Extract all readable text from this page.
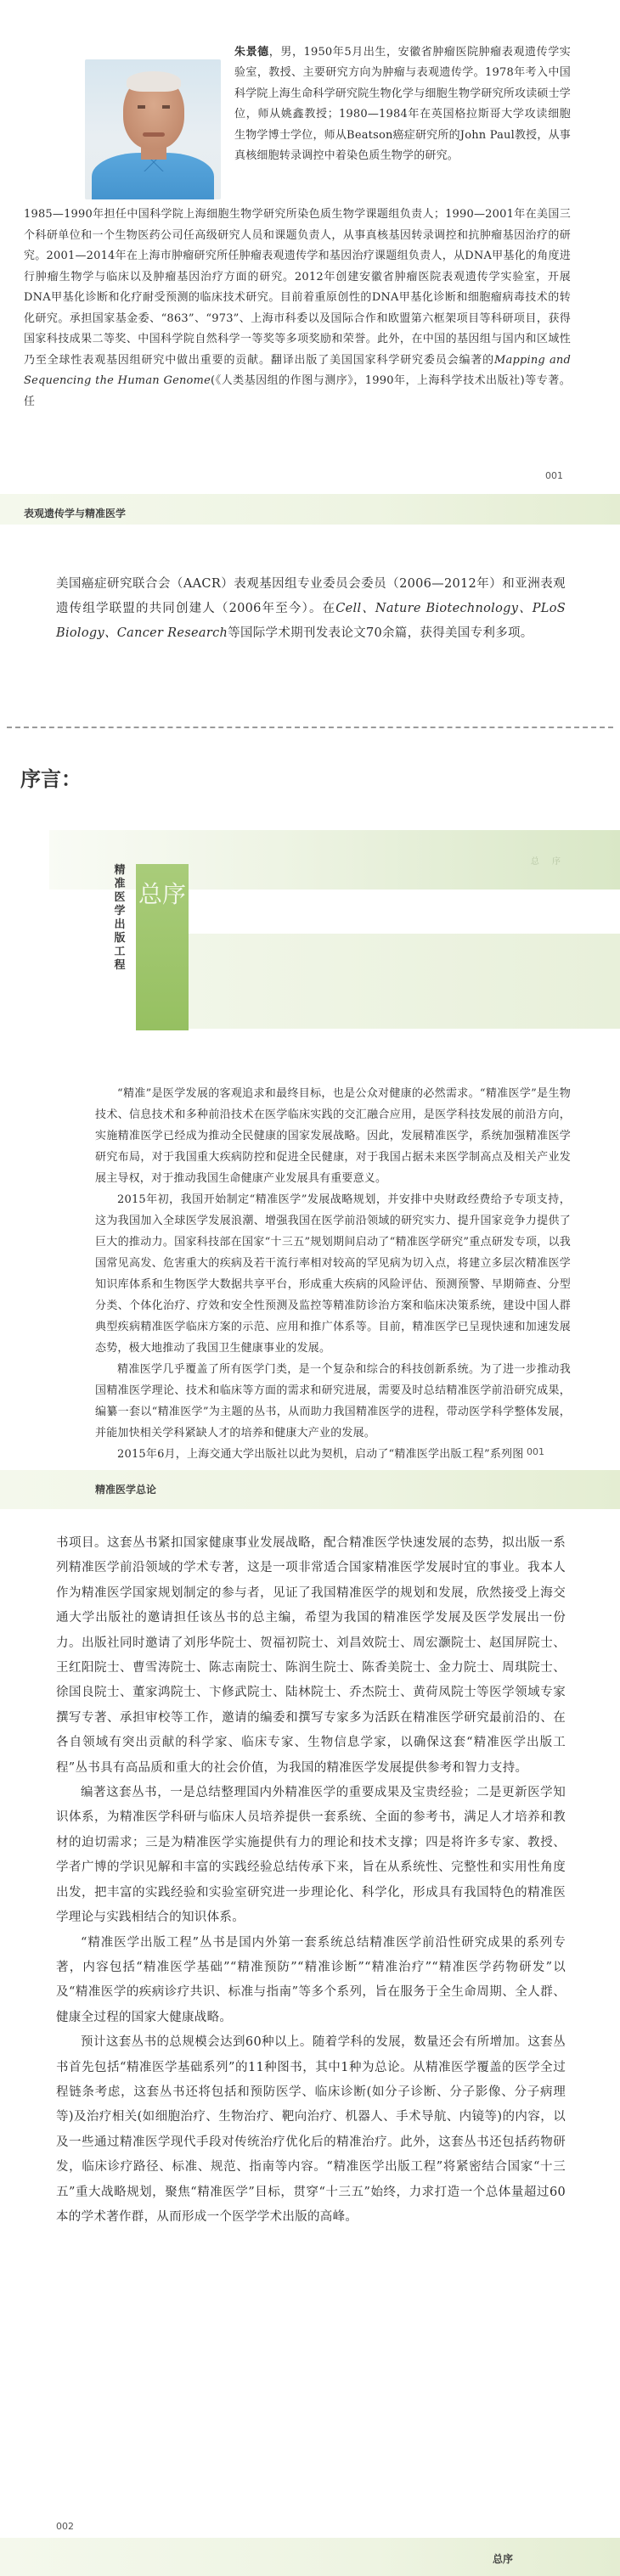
朱景德，男，1950年5月出生，安徽省肿瘤医院肿瘤表观遗传学实验室，教授、主要研究方向为肿瘤与表观遗传学。1978年考入中国科学院上海生命科学研究院生物化学与细胞生物学研究所攻读硕士学位，师从姚鑫教授；1980—1984年在英国格拉斯哥大学攻读细胞生物学博士学位，师从Beatson癌症研究所的John Paul教授，从事真核细胞转录调控中着染色质生物学的研究。
1985—1990年担任中国科学院上海细胞生物学研究所染色质生物学课题组负责人；1990—2001年在美国三个科研单位和一个生物医药公司任高级研究人员和课题负责人，从事真核基因转录调控和抗肿瘤基因治疗的研究。2001—2014年在上海市肿瘤研究所任肿瘤表观遗传学和基因治疗课题组负责人，从DNA甲基化的角度进行肿瘤生物学与临床以及肿瘤基因治疗方面的研究。2012年创建安徽省肿瘤医院表观遗传学实验室，开展DNA甲基化诊断和化疗耐受预测的临床技术研究。目前着重原创性的DNA甲基化诊断和细胞瘤病毒技术的转化研究。承担国家基金委、“863”、“973”、上海市科委以及国际合作和欧盟第六框架项目等科研项目，获得国家科技成果二等奖、中国科学院自然科学一等奖等多项奖励和荣誉。此外，在中国的基因组与国内和区域性乃至全球性表观基因组研究中做出重要的贡献。翻译出版了美国国家科学研究委员会编著的Mapping and Sequencing the Human Genome(《人类基因组的作图与测序》，1990年，上海科学技术出版社)等专著。任
表观遗传学与精准医学
001
美国癌症研究联合会（AACR）表观基因组专业委员会委员（2006—2012年）和亚洲表观遗传组学联盟的共同创建人（2006年至今）。在Cell、Nature Biotechnology、PLoS Biology、Cancer Research等国际学术期刊发表论文70余篇，获得美国专利多项。
序言：
总 序
精准医学出版工程
总序

“精准”是医学发展的客观追求和最终目标，也是公众对健康的必然需求。“精准医学”是生物技术、信息技术和多种前沿技术在医学临床实践的交汇融合应用，是医学科技发展的前沿方向，实施精准医学已经成为推动全民健康的国家发展战略。因此，发展精准医学，系统加强精准医学研究布局，对于我国重大疾病防控和促进全民健康，对于我国占据未来医学制高点及相关产业发展主导权，对于推动我国生命健康产业发展具有重要意义。

2015年初，我国开始制定“精准医学”发展战略规划，并安排中央财政经费给予专项支持，这为我国加入全球医学发展浪潮、增强我国在医学前沿领域的研究实力、提升国家竞争力提供了巨大的推动力。国家科技部在国家“十三五”规划期间启动了“精准医学研究”重点研发专项，以我国常见高发、危害重大的疾病及若干流行率相对较高的罕见病为切入点，将建立多层次精准医学知识库体系和生物医学大数据共享平台，形成重大疾病的风险评估、预测预警、早期筛查、分型分类、个体化治疗、疗效和安全性预测及监控等精准防诊治方案和临床决策系统，建设中国人群典型疾病精准医学临床方案的示范、应用和推广体系等。目前，精准医学已呈现快速和加速发展态势，极大地推动了我国卫生健康事业的发展。

精准医学几乎覆盖了所有医学门类，是一个复杂和综合的科技创新系统。为了进一步推动我国精准医学理论、技术和临床等方面的需求和研究进展，需要及时总结精准医学前沿研究成果，编纂一套以“精准医学”为主题的丛书，从而助力我国精准医学的进程，带动医学科学整体发展，并能加快相关学科紧缺人才的培养和健康大产业的发展。

2015年6月，上海交通大学出版社以此为契机，启动了“精准医学出版工程”系列图

精准医学总论
001

书项目。这套丛书紧扣国家健康事业发展战略，配合精准医学快速发展的态势，拟出版一系列精准医学前沿领域的学术专著，这是一项非常适合国家精准医学发展时宜的事业。我本人作为精准医学国家规划制定的参与者，见证了我国精准医学的规划和发展，欣然接受上海交通大学出版社的邀请担任该丛书的总主编，希望为我国的精准医学发展及医学发展出一份力。出版社同时邀请了刘彤华院士、贺福初院士、刘昌效院士、周宏灏院士、赵国屏院士、王红阳院士、曹雪涛院士、陈志南院士、陈润生院士、陈香美院士、金力院士、周琪院士、徐国良院士、董家鸿院士、卞修武院士、陆林院士、乔杰院士、黄荷凤院士等医学领域专家撰写专著、承担审校等工作，邀请的编委和撰写专家多为活跃在精准医学研究最前沿的、在各自领域有突出贡献的科学家、临床专家、生物信息学家，以确保这套“精准医学出版工程”丛书具有高品质和重大的社会价值，为我国的精准医学发展提供参考和智力支持。

编著这套丛书，一是总结整理国内外精准医学的重要成果及宝贵经验；二是更新医学知识体系，为精准医学科研与临床人员培养提供一套系统、全面的参考书，满足人才培养和教材的迫切需求；三是为精准医学实施提供有力的理论和技术支撑；四是将许多专家、教授、学者广博的学识见解和丰富的实践经验总结传承下来，旨在从系统性、完整性和实用性角度出发，把丰富的实践经验和实验室研究进一步理论化、科学化，形成具有我国特色的精准医学理论与实践相结合的知识体系。

“精准医学出版工程”丛书是国内外第一套系统总结精准医学前沿性研究成果的系列专著，内容包括“精准医学基础”“精准预防”“精准诊断”“精准治疗”“精准医学药物研发”以及“精准医学的疾病诊疗共识、标准与指南”等多个系列，旨在服务于全生命周期、全人群、健康全过程的国家大健康战略。

预计这套丛书的总规模会达到60种以上。随着学科的发展，数量还会有所增加。这套丛书首先包括“精准医学基础系列”的11种图书，其中1种为总论。从精准医学覆盖的医学全过程链条考虑，这套丛书还将包括和预防医学、临床诊断(如分子诊断、分子影像、分子病理等)及治疗相关(如细胞治疗、生物治疗、靶向治疗、机器人、手术导航、内镜等)的内容，以及一些通过精准医学现代手段对传统治疗优化后的精准治疗。此外，这套丛书还包括药物研发，临床诊疗路径、标准、规范、指南等内容。“精准医学出版工程”将紧密结合国家“十三五”重大战略规划，聚焦“精准医学”目标，贯穿“十三五”始终，力求打造一个总体量超过60本的学术著作群，从而形成一个医学学术出版的高峰。

002
总序
